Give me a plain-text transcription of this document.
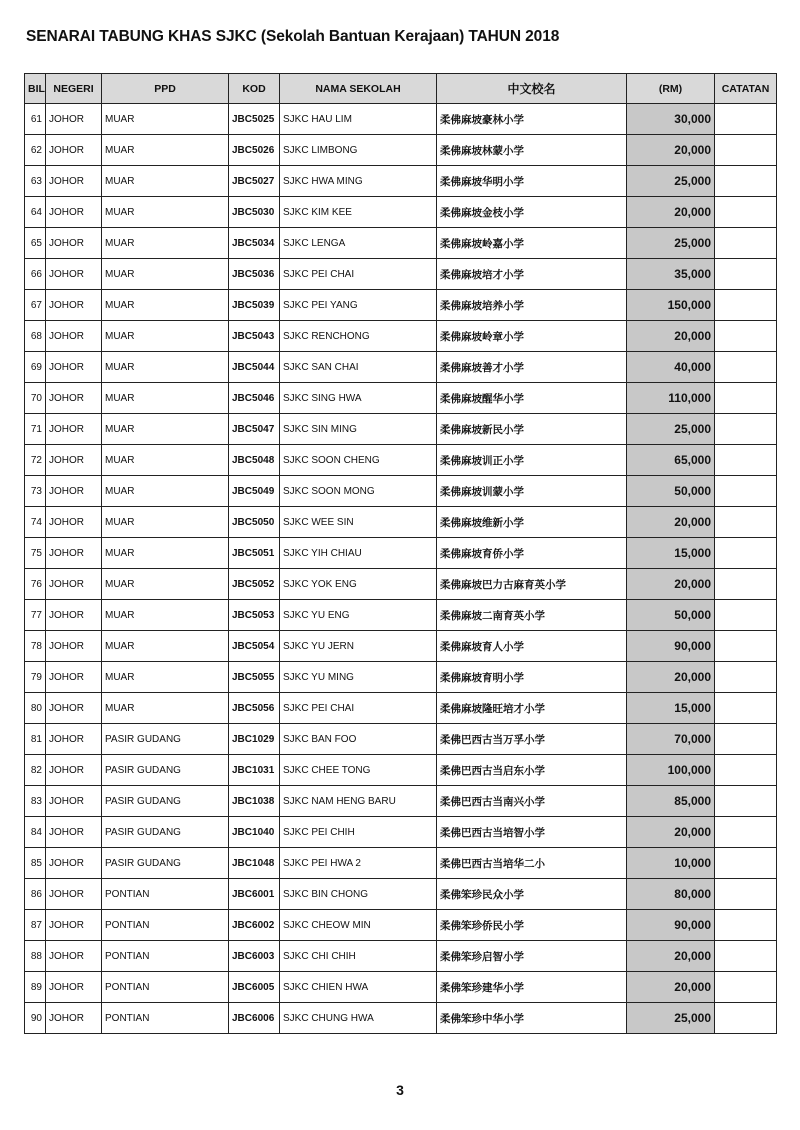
SENARAI TABUNG KHAS SJKC (Sekolah Bantuan Kerajaan) TAHUN 2018
BIL	NEGERI	PPD	KOD	NAMA SEKOLAH	中文校名	(RM)	CATATAN
61	JOHOR	MUAR	JBC5025	SJKC HAU LIM	柔佛麻坡豪林小学	30,000	
62	JOHOR	MUAR	JBC5026	SJKC LIMBONG	柔佛麻坡林蒙小学	20,000	
63	JOHOR	MUAR	JBC5027	SJKC HWA MING	柔佛麻坡华明小学	25,000	
64	JOHOR	MUAR	JBC5030	SJKC KIM KEE	柔佛麻坡金枝小学	20,000	
65	JOHOR	MUAR	JBC5034	SJKC LENGA	柔佛麻坡岭嘉小学	25,000	
66	JOHOR	MUAR	JBC5036	SJKC PEI CHAI	柔佛麻坡培才小学	35,000	
67	JOHOR	MUAR	JBC5039	SJKC PEI YANG	柔佛麻坡培养小学	150,000	
68	JOHOR	MUAR	JBC5043	SJKC RENCHONG	柔佛麻坡岭章小学	20,000	
69	JOHOR	MUAR	JBC5044	SJKC SAN CHAI	柔佛麻坡善才小学	40,000	
70	JOHOR	MUAR	JBC5046	SJKC SING HWA	柔佛麻坡醒华小学	110,000	
71	JOHOR	MUAR	JBC5047	SJKC SIN MING	柔佛麻坡新民小学	25,000	
72	JOHOR	MUAR	JBC5048	SJKC SOON CHENG	柔佛麻坡训正小学	65,000	
73	JOHOR	MUAR	JBC5049	SJKC SOON MONG	柔佛麻坡训蒙小学	50,000	
74	JOHOR	MUAR	JBC5050	SJKC WEE SIN	柔佛麻坡维新小学	20,000	
75	JOHOR	MUAR	JBC5051	SJKC YIH CHIAU	柔佛麻坡育侨小学	15,000	
76	JOHOR	MUAR	JBC5052	SJKC YOK ENG	柔佛麻坡巴力古麻育英小学	20,000	
77	JOHOR	MUAR	JBC5053	SJKC YU ENG	柔佛麻坡二南育英小学	50,000	
78	JOHOR	MUAR	JBC5054	SJKC YU JERN	柔佛麻坡育人小学	90,000	
79	JOHOR	MUAR	JBC5055	SJKC YU MING	柔佛麻坡育明小学	20,000	
80	JOHOR	MUAR	JBC5056	SJKC PEI CHAI	柔佛麻坡隆旺培才小学	15,000	
81	JOHOR	PASIR GUDANG	JBC1029	SJKC BAN FOO	柔佛巴西古当万孚小学	70,000	
82	JOHOR	PASIR GUDANG	JBC1031	SJKC CHEE TONG	柔佛巴西古当启东小学	100,000	
83	JOHOR	PASIR GUDANG	JBC1038	SJKC NAM HENG BARU	柔佛巴西古当南兴小学	85,000	
84	JOHOR	PASIR GUDANG	JBC1040	SJKC PEI CHIH	柔佛巴西古当培智小学	20,000	
85	JOHOR	PASIR GUDANG	JBC1048	SJKC PEI HWA 2	柔佛巴西古当培华二小	10,000	
86	JOHOR	PONTIAN	JBC6001	SJKC BIN CHONG	柔佛笨珍民众小学	80,000	
87	JOHOR	PONTIAN	JBC6002	SJKC CHEOW MIN	柔佛笨珍侨民小学	90,000	
88	JOHOR	PONTIAN	JBC6003	SJKC CHI CHIH	柔佛笨珍启智小学	20,000	
89	JOHOR	PONTIAN	JBC6005	SJKC CHIEN HWA	柔佛笨珍建华小学	20,000	
90	JOHOR	PONTIAN	JBC6006	SJKC CHUNG HWA	柔佛笨珍中华小学	25,000	
3
